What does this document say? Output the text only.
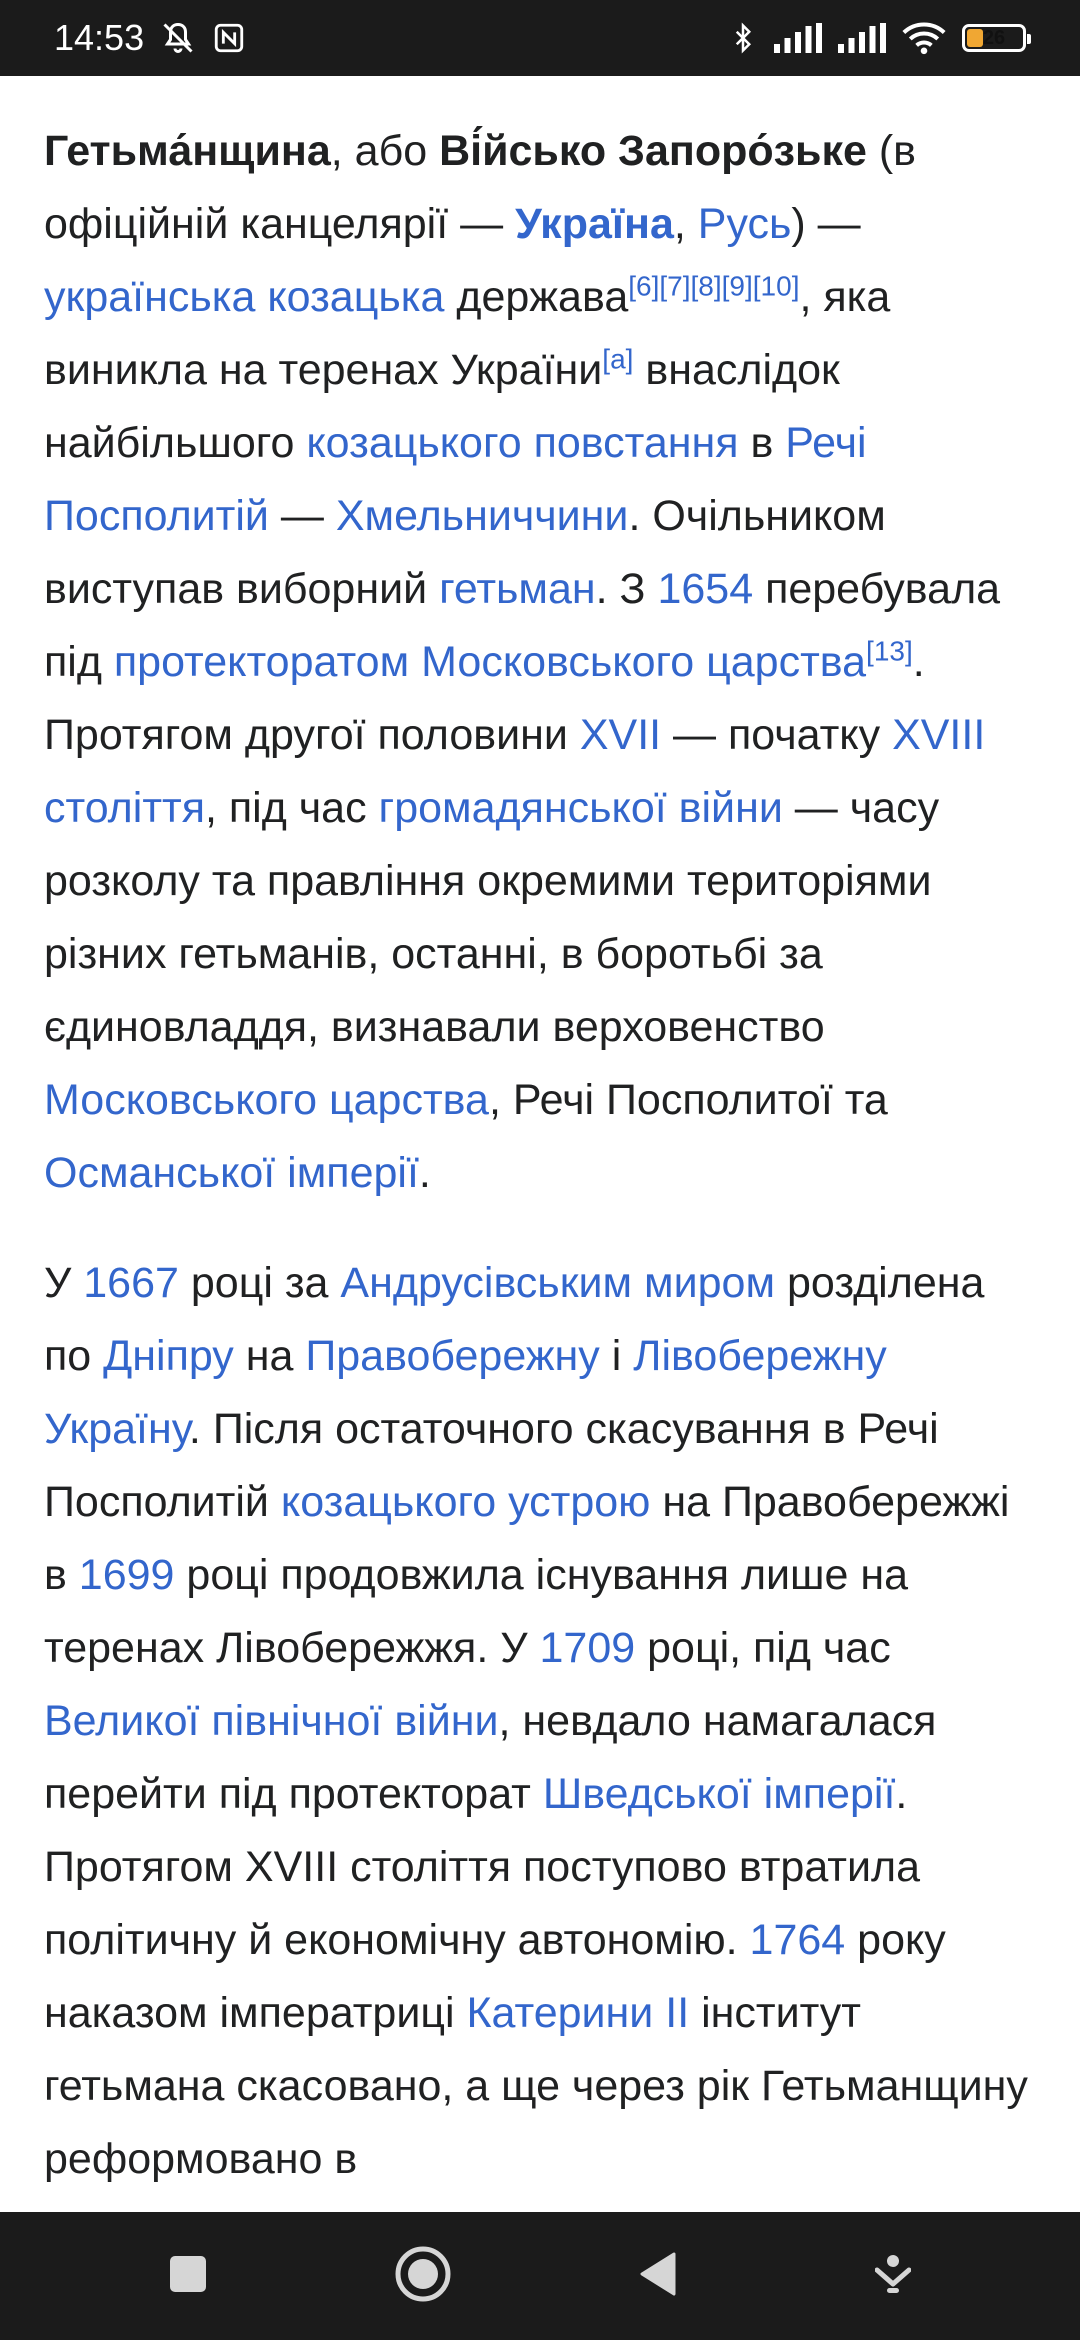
14:53	26

Гетьма́нщина, або Ві́йсько Запоро́зьке (в офіційній канцелярії — Україна, Русь) — українська козацька держава[6][7][8][9][10], яка виникла на теренах України[a] внаслідок найбільшого козацького повстання в Речі Посполитій — Хмельниччини. Очільником виступав виборний гетьман. З 1654 перебувала під протекторатом Московського царства[13]. Протягом другої половини XVII — початку XVIII століття, під час громадянської війни — часу розколу та правління окремими територіями різних гетьманів, останні, в боротьбі за єдиновладдя, визнавали верховенство Московського царства, Речі Посполитої та Османської імперії.

У 1667 році за Андрусівським миром розділена по Дніпру на Правобережну і Лівобережну Україну. Після остаточного скасування в Речі Посполитій козацького устрою на Правобережжі в 1699 році продовжила існування лише на теренах Лівобережжя. У 1709 році, під час Великої північної війни, невдало намагалася перейти під протекторат Шведської імперії. Протягом XVIII століття поступово втратила політичну й економічну автономію. 1764 року наказом імператриці Катерини II інститут гетьмана скасовано, а ще через рік Гетьманщину реформовано в
